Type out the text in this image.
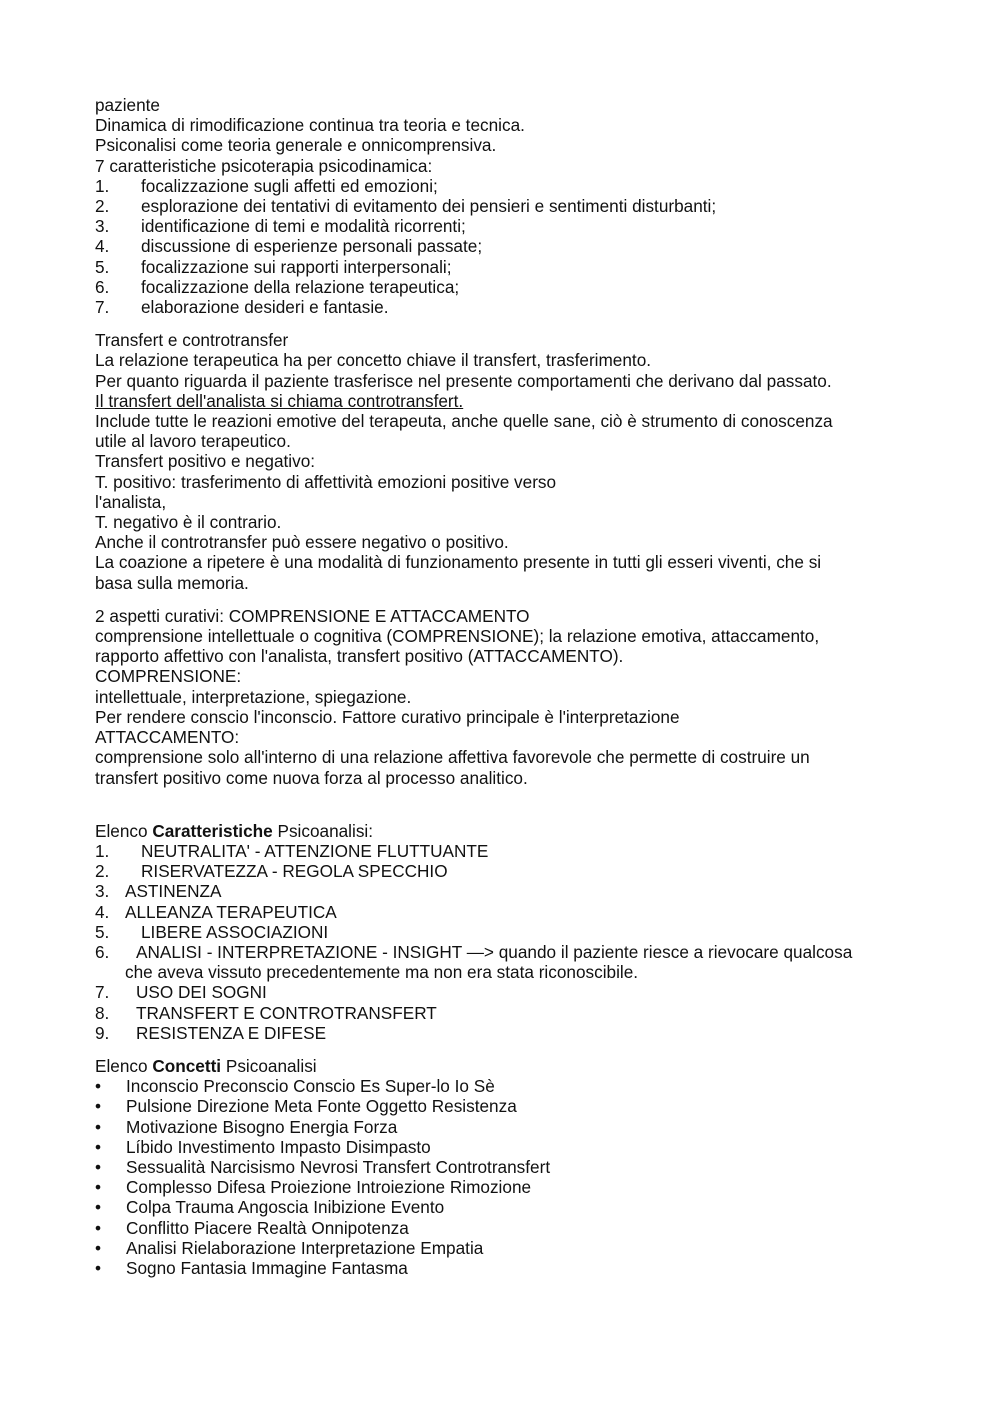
paziente

Dinamica di rimodificazione continua tra teoria e tecnica.

Psiconalisi come teoria generale e onnicomprensiva.

7 caratteristiche psicoterapia psicodinamica:

1. focalizzazione sugli affetti ed emozioni;

2. esplorazione dei tentativi di evitamento dei pensieri e sentimenti disturbanti;

3. identificazione di temi e modalità ricorrenti;

4. discussione di esperienze personali passate;

5. focalizzazione sui rapporti interpersonali;

6. focalizzazione della relazione terapeutica;

7. elaborazione desideri e fantasie.

Transfert e controtransfer

La relazione terapeutica ha per concetto chiave il transfert, trasferimento.

Per quanto riguarda il paziente trasferisce nel presente comportamenti che derivano dal passato.

Il transfert dell'analista si chiama controtransfert.

Include tutte le reazioni emotive del terapeuta, anche quelle sane, ciò è strumento di conoscenza

utile al lavoro terapeutico.

Transfert positivo e negativo:

T. positivo: trasferimento di affettività emozioni positive verso

l'analista,

T. negativo è il contrario.

Anche il controtransfer può essere negativo o positivo.

La coazione a ripetere è una modalità di funzionamento presente in tutti gli esseri viventi, che si

basa sulla memoria.

2 aspetti curativi: COMPRENSIONE E ATTACCAMENTO

comprensione intellettuale o cognitiva (COMPRENSIONE); la relazione emotiva, attaccamento,

rapporto affettivo con l'analista, transfert positivo (ATTACCAMENTO).

COMPRENSIONE:

intellettuale, interpretazione, spiegazione.

Per rendere conscio l'inconscio. Fattore curativo principale è l'interpretazione

ATTACCAMENTO:

comprensione solo all'interno di una relazione affettiva favorevole che permette di costruire un

transfert positivo come nuova forza al processo analitico.

Elenco Caratteristiche Psicoanalisi:

1. NEUTRALITA' - ATTENZIONE FLUTTUANTE

2. RISERVATEZZA - REGOLA SPECCHIO

3. ASTINENZA

4. ALLEANZA TERAPEUTICA

5. LIBERE ASSOCIAZIONI

6. ANALISI - INTERPRETAZIONE - INSIGHT —> quando il paziente riesce a rievocare qualcosa

che aveva vissuto precedentemente ma non era stata riconoscibile.

7. USO DEI SOGNI

8. TRANSFERT E CONTROTRANSFERT

9. RESISTENZA E DIFESE

Elenco Concetti Psicoanalisi

• Inconscio Preconscio Conscio Es Super-lo Io Sè

• Pulsione Direzione Meta Fonte Oggetto Resistenza

• Motivazione Bisogno Energia Forza

• Líbido Investimento Impasto Disimpasto

• Sessualità Narcisismo Nevrosi Transfert Controtransfert

• Complesso Difesa Proiezione Introiezione Rimozione

• Colpa Trauma Angoscia Inibizione Evento

• Conflitto Piacere Realtà Onnipotenza

• Analisi Rielaborazione Interpretazione Empatia

• Sogno Fantasia Immagine Fantasma
